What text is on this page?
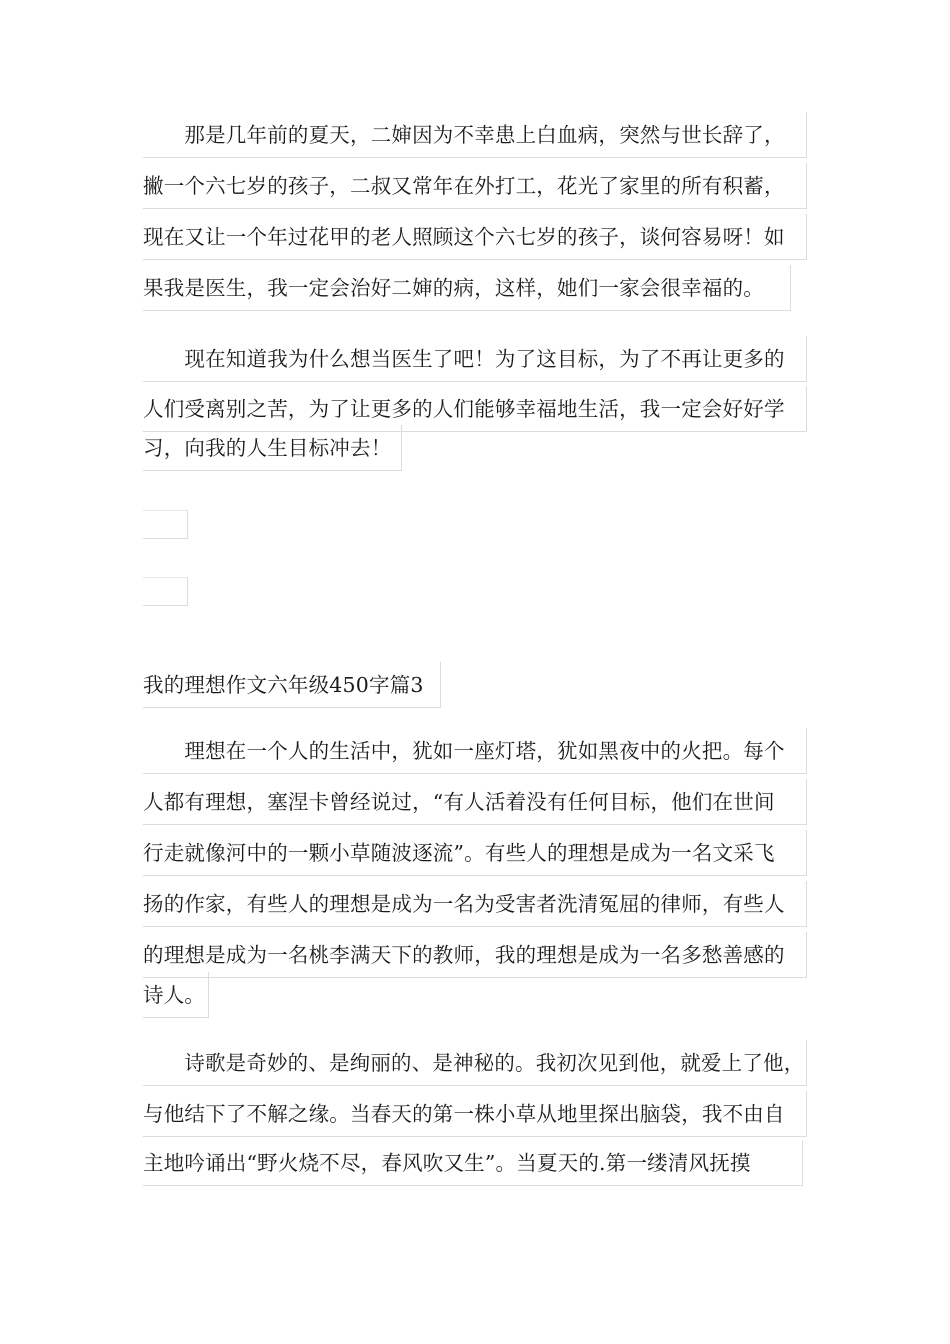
　　那是几年前的夏天，二婶因为不幸患上白血病，突然与世长辞了，
撇一个六七岁的孩子，二叔又常年在外打工，花光了家里的所有积蓄，
现在又让一个年过花甲的老人照顾这个六七岁的孩子，谈何容易呀！如
果我是医生，我一定会治好二婶的病，这样，她们一家会很幸福的。
　　现在知道我为什么想当医生了吧！为了这目标，为了不再让更多的
人们受离别之苦，为了让更多的人们能够幸福地生活，我一定会好好学
习，向我的人生目标冲去！
我的理想作文六年级450字篇3
　　理想在一个人的生活中，犹如一座灯塔，犹如黑夜中的火把。每个
人都有理想，塞涅卡曾经说过，“有人活着没有任何目标，他们在世间
行走就像河中的一颗小草随波逐流”。有些人的理想是成为一名文采飞
扬的作家，有些人的理想是成为一名为受害者洗清冤屈的律师，有些人
的理想是成为一名桃李满天下的教师，我的理想是成为一名多愁善感的
诗人。
　　诗歌是奇妙的、是绚丽的、是神秘的。我初次见到他，就爱上了他，
与他结下了不解之缘。当春天的第一株小草从地里探出脑袋，我不由自
主地吟诵出“野火烧不尽，春风吹又生”。当夏天的.第一缕清风抚摸
